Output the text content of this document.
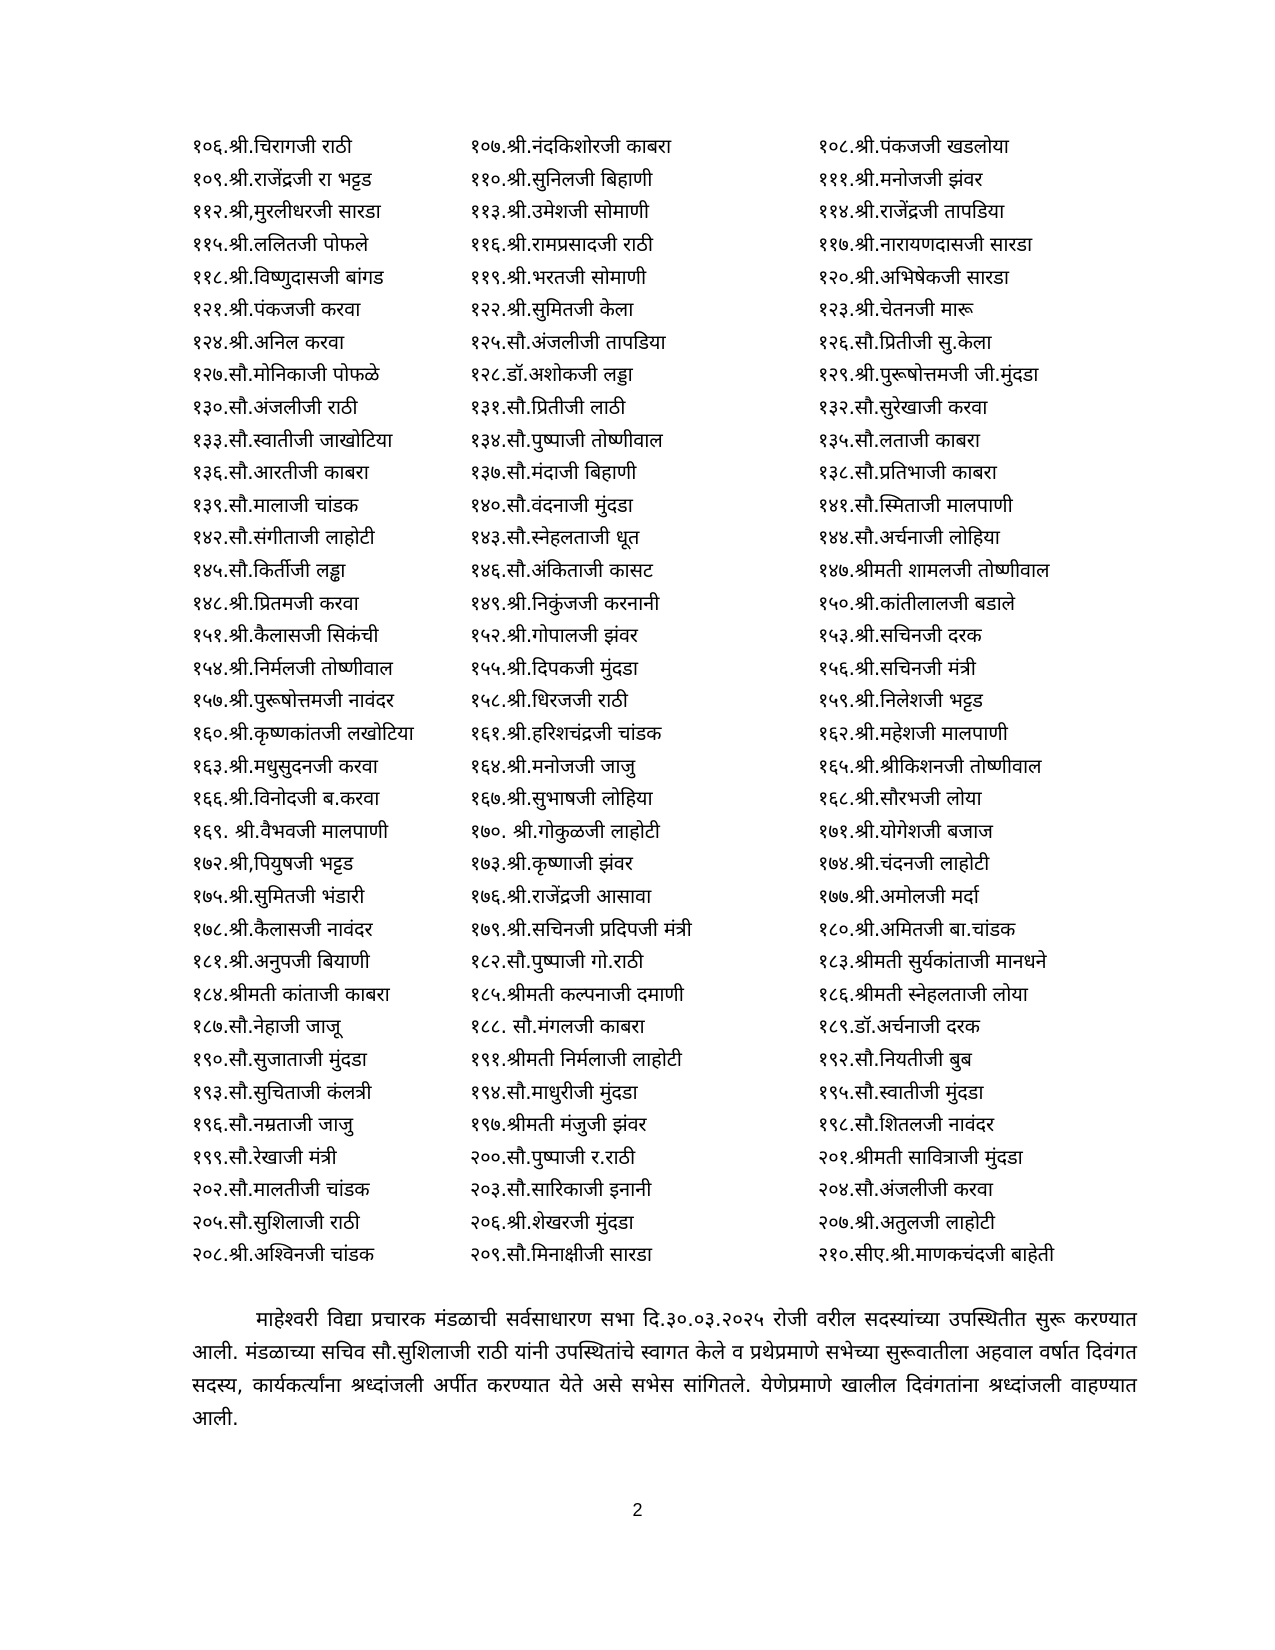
१०६.श्री.चिरागजी राठी	१०७.श्री.नंदकिशोरजी काबरा	१०८.श्री.पंकजजी खडलोया
१०९.श्री.राजेंद्रजी रा भट्टड	११०.श्री.सुनिलजी बिहाणी	१११.श्री.मनोजजी झंवर
११२.श्री,मुरलीधरजी सारडा	११३.श्री.उमेशजी सोमाणी	११४.श्री.राजेंद्रजी तापडिया
११५.श्री.ललितजी पोफले	११६.श्री.रामप्रसादजी राठी	११७.श्री.नारायणदासजी सारडा
११८.श्री.विष्णुदासजी बांगड	११९.श्री.भरतजी सोमाणी	१२०.श्री.अभिषेकजी सारडा
१२१.श्री.पंकजजी करवा	१२२.श्री.सुमितजी केला	१२३.श्री.चेतनजी मारू
१२४.श्री.अनिल करवा	१२५.सौ.अंजलीजी तापडिया	१२६.सौ.प्रितीजी सु.केला
१२७.सौ.मोनिकाजी पोफळे	१२८.डॉ.अशोकजी लड्डा	१२९.श्री.पुरूषोत्तमजी जी.मुंदडा
१३०.सौ.अंजलीजी राठी	१३१.सौ.प्रितीजी लाठी	१३२.सौ.सुरेखाजी करवा
१३३.सौ.स्वातीजी जाखोटिया	१३४.सौ.पुष्पाजी तोष्णीवाल	१३५.सौ.लताजी काबरा
१३६.सौ.आरतीजी काबरा	१३७.सौ.मंदाजी बिहाणी	१३८.सौ.प्रतिभाजी काबरा
१३९.सौ.मालाजी चांडक	१४०.सौ.वंदनाजी मुंदडा	१४१.सौ.स्मिताजी मालपाणी
१४२.सौ.संगीताजी लाहोटी	१४३.सौ.स्नेहलताजी धूत	१४४.सौ.अर्चनाजी लोहिया
१४५.सौ.किर्तीजी लड्ढा	१४६.सौ.अंकिताजी कासट	१४७.श्रीमती शामलजी तोष्णीवाल
१४८.श्री.प्रितमजी करवा	१४९.श्री.निकुंजजी करनानी	१५०.श्री.कांतीलालजी बडाले
१५१.श्री.कैलासजी सिकंची	१५२.श्री.गोपालजी झंवर	१५३.श्री.सचिनजी दरक
१५४.श्री.निर्मलजी तोष्णीवाल	१५५.श्री.दिपकजी मुंदडा	१५६.श्री.सचिनजी मंत्री
१५७.श्री.पुरूषोत्तमजी नावंदर	१५८.श्री.धिरजजी राठी	१५९.श्री.निलेशजी भट्टड
१६०.श्री.कृष्णकांतजी लखोटिया	१६१.श्री.हरिशचंद्रजी चांडक	१६२.श्री.महेशजी मालपाणी
१६३.श्री.मधुसुदनजी करवा	१६४.श्री.मनोजजी जाजु	१६५.श्री.श्रीकिशनजी तोष्णीवाल
१६६.श्री.विनोदजी ब.करवा	१६७.श्री.सुभाषजी लोहिया	१६८.श्री.सौरभजी लोया
१६९. श्री.वैभवजी मालपाणी	१७०. श्री.गोकुळजी लाहोटी	१७१.श्री.योगेशजी बजाज
१७२.श्री,पियुषजी भट्टड	१७३.श्री.कृष्णाजी झंवर	१७४.श्री.चंदनजी लाहोटी
१७५.श्री.सुमितजी भंडारी	१७६.श्री.राजेंद्रजी आसावा	१७७.श्री.अमोलजी मर्दा
१७८.श्री.कैलासजी नावंदर	१७९.श्री.सचिनजी प्रदिपजी मंत्री	१८०.श्री.अमितजी बा.चांडक
१८१.श्री.अनुपजी बियाणी	१८२.सौ.पुष्पाजी गो.राठी	१८३.श्रीमती सुर्यकांताजी मानधने
१८४.श्रीमती कांताजी काबरा	१८५.श्रीमती कल्पनाजी दमाणी	१८६.श्रीमती स्नेहलताजी लोया
१८७.सौ.नेहाजी जाजू	१८८. सौ.मंगलजी काबरा	१८९.डॉ.अर्चनाजी दरक
१९०.सौ.सुजाताजी मुंदडा	१९१.श्रीमती निर्मलाजी लाहोटी	१९२.सौ.नियतीजी बुब
१९३.सौ.सुचिताजी कंलत्री	१९४.सौ.माधुरीजी मुंदडा	१९५.सौ.स्वातीजी मुंदडा
१९६.सौ.नम्रताजी जाजु	१९७.श्रीमती मंजुजी झंवर	१९८.सौ.शितलजी नावंदर
१९९.सौ.रेखाजी मंत्री	२००.सौ.पुष्पाजी र.राठी	२०१.श्रीमती सावित्राजी मुंदडा
२०२.सौ.मालतीजी चांडक	२०३.सौ.सारिकाजी इनानी	२०४.सौ.अंजलीजी करवा
२०५.सौ.सुशिलाजी राठी	२०६.श्री.शेखरजी मुंदडा	२०७.श्री.अतुलजी लाहोटी
२०८.श्री.अश्विनजी चांडक	२०९.सौ.मिनाक्षीजी सारडा	२१०.सीए.श्री.माणकचंदजी बाहेती

माहेश्वरी विद्या प्रचारक मंडळाची सर्वसाधारण सभा दि.३०.०३.२०२५ रोजी वरील सदस्यांच्या उपस्थितीत सुरू करण्यात आली. मंडळाच्या सचिव सौ.सुशिलाजी राठी यांनी उपस्थितांचे स्वागत केले व प्रथेप्रमाणे सभेच्या सुरूवातीला अहवाल वर्षात दिवंगत सदस्य, कार्यकर्त्यांना श्रध्दांजली अर्पीत करण्यात येते असे सभेस सांगितले. येणेप्रमाणे खालील दिवंगतांना श्रध्दांजली वाहण्यात आली.

2
